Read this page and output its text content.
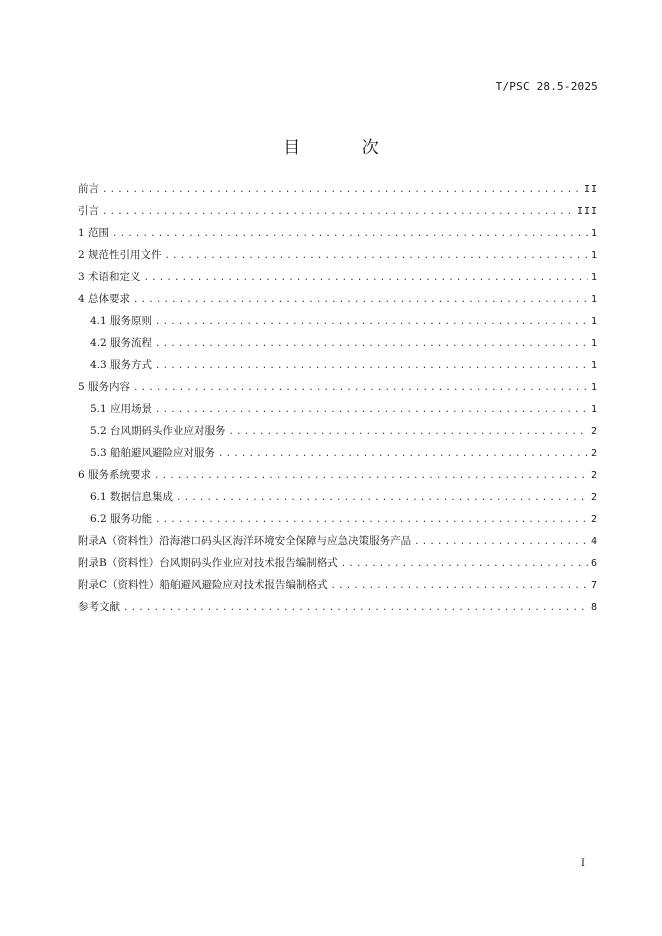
T/PSC 28.5-2025
目 次
前言 .....	II
引言 .....	III
1 范围 .....	1
2 规范性引用文件 .....	1
3 术语和定义 .....	1
4 总体要求 .....	1
4.1 服务原则 .....	1
4.2 服务流程 .....	1
4.3 服务方式 .....	1
5 服务内容 .....	1
5.1 应用场景 .....	1
5.2 台风期码头作业应对服务 .....	2
5.3 船舶避风避险应对服务 .....	2
6 服务系统要求 .....	2
6.1 数据信息集成 .....	2
6.2 服务功能 .....	2
附录A（资料性）沿海港口码头区海洋环境安全保障与应急决策服务产品 .....	4
附录B（资料性）台风期码头作业应对技术报告编制格式 .....	6
附录C（资料性）船舶避风避险应对技术报告编制格式 .....	7
参考文献 .....	8
I
